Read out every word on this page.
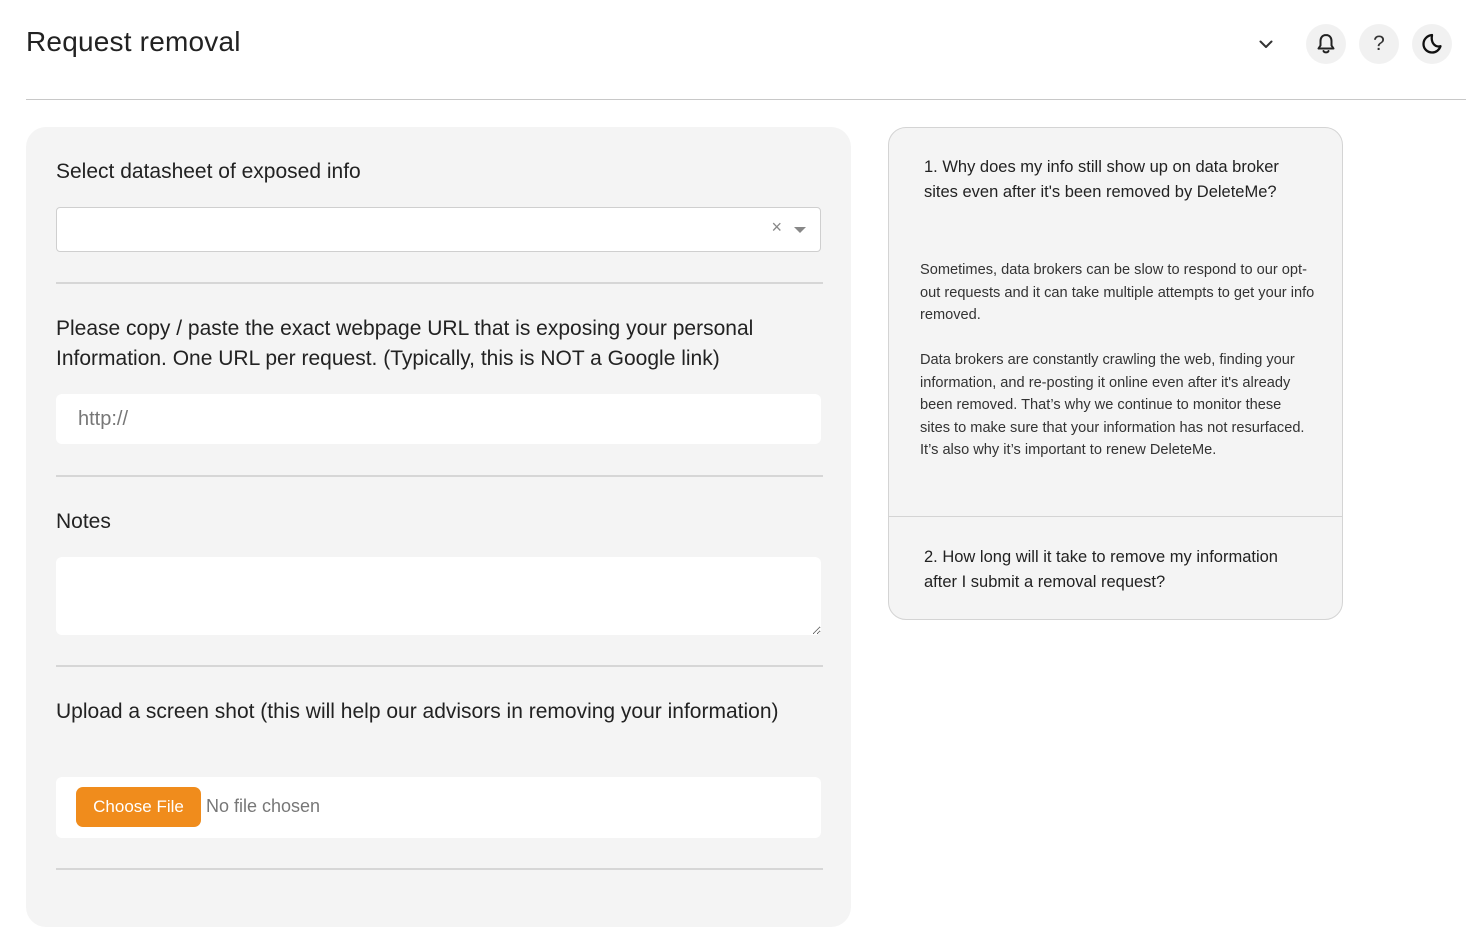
Request removal	?

Select datasheet of exposed info

×

Please copy / paste the exact webpage URL that is exposing your personal Information. One URL per request. (Typically, this is NOT a Google link)

http://

Notes

Upload a screen shot (this will help our advisors in removing your information)

Choose File	No file chosen

1. Why does my info still show up on data broker sites even after it's been removed by DeleteMe?

Sometimes, data brokers can be slow to respond to our opt-out requests and it can take multiple attempts to get your info removed.

Data brokers are constantly crawling the web, finding your information, and re-posting it online even after it's already been removed. That’s why we continue to monitor these sites to make sure that your information has not resurfaced. It’s also why it’s important to renew DeleteMe.

2. How long will it take to remove my information after I submit a removal request?
